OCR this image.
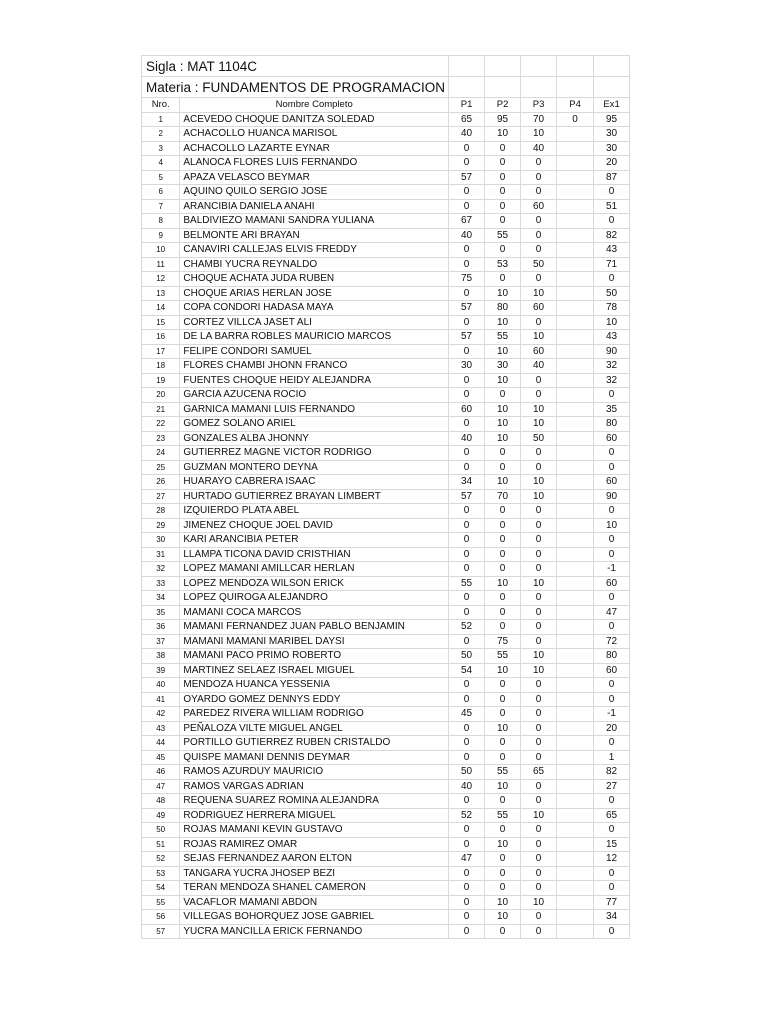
Sigla : MAT 1104C						
Materia : FUNDAMENTOS DE PROGRAMACION						
Nro.	Nombre Completo	P1	P2	P3	P4	Ex1
1	ACEVEDO CHOQUE DANITZA SOLEDAD	65	95	70	0	95
2	ACHACOLLO HUANCA MARISOL	40	10	10		30
3	ACHACOLLO LAZARTE EYNAR	0	0	40		30
4	ALANOCA FLORES LUIS FERNANDO	0	0	0		20
5	APAZA VELASCO BEYMAR	57	0	0		87
6	AQUINO QUILO SERGIO JOSE	0	0	0		0
7	ARANCIBIA DANIELA ANAHI	0	0	60		51
8	BALDIVIEZO MAMANI SANDRA YULIANA	67	0	0		0
9	BELMONTE ARI BRAYAN	40	55	0		82
10	CANAVIRI CALLEJAS ELVIS FREDDY	0	0	0		43
11	CHAMBI YUCRA REYNALDO	0	53	50		71
12	CHOQUE ACHATA JUDA RUBEN	75	0	0		0
13	CHOQUE ARIAS HERLAN JOSE	0	10	10		50
14	COPA CONDORI HADASA MAYA	57	80	60		78
15	CORTEZ VILLCA JASET ALI	0	10	0		10
16	DE LA BARRA ROBLES MAURICIO MARCOS	57	55	10		43
17	FELIPE CONDORI SAMUEL	0	10	60		90
18	FLORES CHAMBI JHONN FRANCO	30	30	40		32
19	FUENTES CHOQUE HEIDY ALEJANDRA	0	10	0		32
20	GARCIA AZUCENA ROCIO	0	0	0		0
21	GARNICA MAMANI LUIS FERNANDO	60	10	10		35
22	GOMEZ SOLANO ARIEL	0	10	10		80
23	GONZALES ALBA JHONNY	40	10	50		60
24	GUTIERREZ MAGNE VICTOR RODRIGO	0	0	0		0
25	GUZMAN MONTERO DEYNA	0	0	0		0
26	HUARAYO CABRERA ISAAC	34	10	10		60
27	HURTADO GUTIERREZ BRAYAN LIMBERT	57	70	10		90
28	IZQUIERDO PLATA ABEL	0	0	0		0
29	JIMENEZ CHOQUE JOEL DAVID	0	0	0		10
30	KARI ARANCIBIA PETER	0	0	0		0
31	LLAMPA TICONA DAVID CRISTHIAN	0	0	0		0
32	LOPEZ MAMANI AMILLCAR HERLAN	0	0	0		-1
33	LOPEZ MENDOZA WILSON ERICK	55	10	10		60
34	LOPEZ QUIROGA ALEJANDRO	0	0	0		0
35	MAMANI COCA MARCOS	0	0	0		47
36	MAMANI FERNANDEZ JUAN PABLO BENJAMIN	52	0	0		0
37	MAMANI MAMANI MARIBEL DAYSI	0	75	0		72
38	MAMANI PACO PRIMO ROBERTO	50	55	10		80
39	MARTINEZ SELAEZ ISRAEL MIGUEL	54	10	10		60
40	MENDOZA HUANCA YESSENIA	0	0	0		0
41	OYARDO GOMEZ DENNYS EDDY	0	0	0		0
42	PAREDEZ RIVERA WILLIAM RODRIGO	45	0	0		-1
43	PEÑALOZA VILTE MIGUEL ANGEL	0	10	0		20
44	PORTILLO GUTIERREZ RUBEN CRISTALDO	0	0	0		0
45	QUISPE MAMANI DENNIS DEYMAR	0	0	0		1
46	RAMOS AZURDUY MAURICIO	50	55	65		82
47	RAMOS VARGAS ADRIAN	40	10	0		27
48	REQUENA SUAREZ ROMINA ALEJANDRA	0	0	0		0
49	RODRIGUEZ HERRERA MIGUEL	52	55	10		65
50	ROJAS MAMANI KEVIN GUSTAVO	0	0	0		0
51	ROJAS RAMIREZ OMAR	0	10	0		15
52	SEJAS FERNANDEZ AARON ELTON	47	0	0		12
53	TANGARA YUCRA JHOSEP BEZI	0	0	0		0
54	TERAN MENDOZA SHANEL CAMERON	0	0	0		0
55	VACAFLOR MAMANI ABDON	0	10	10		77
56	VILLEGAS BOHORQUEZ JOSE GABRIEL	0	10	0		34
57	YUCRA MANCILLA ERICK FERNANDO	0	0	0		0
